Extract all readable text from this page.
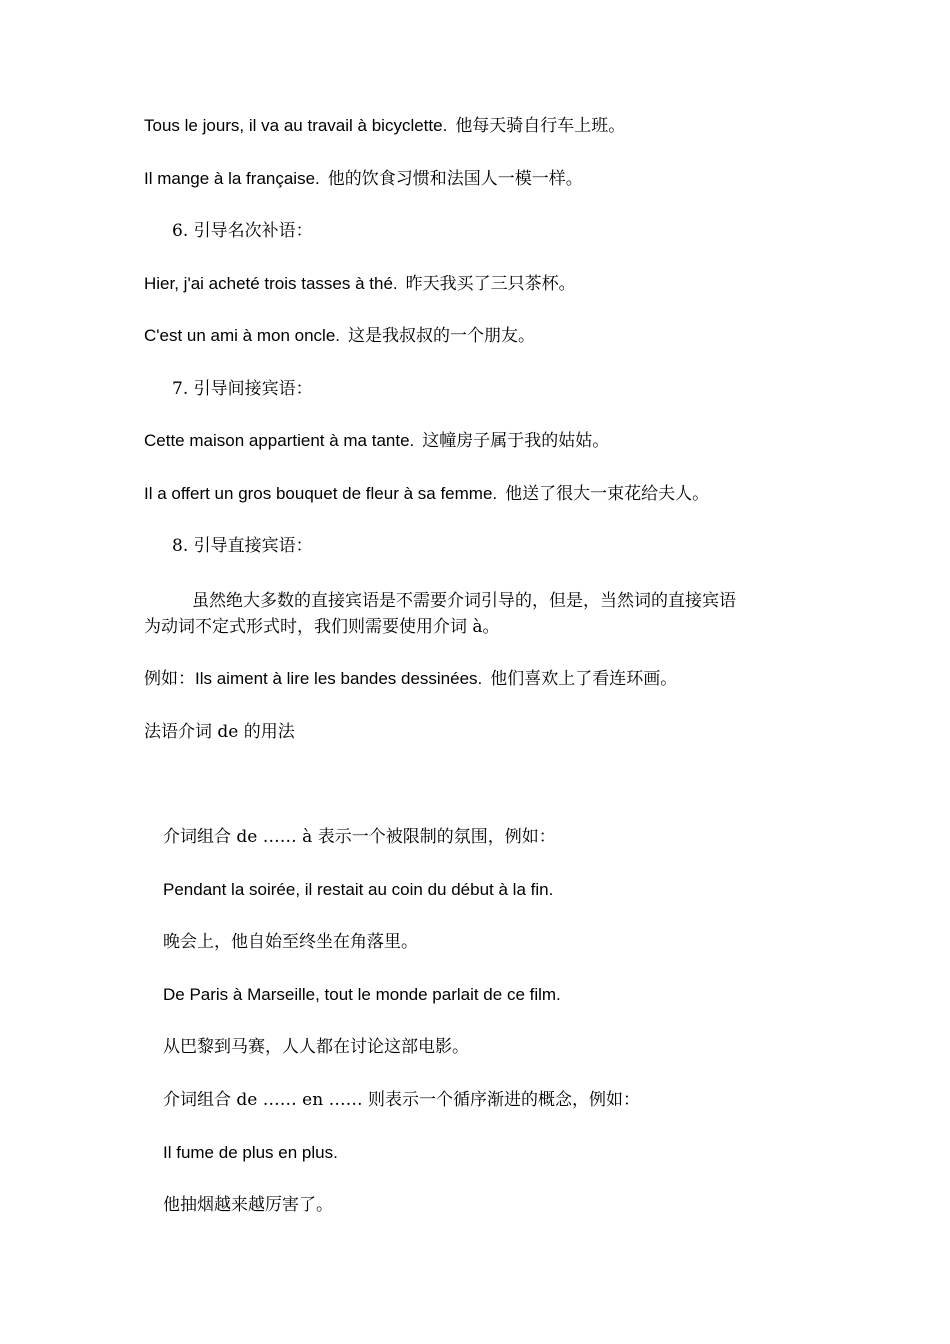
Tous le jours, il va au travail à bicyclette. 他每天骑自行车上班。
Il mange à la française. 他的饮食习惯和法国人一模一样。
6. 引导名次补语：
Hier, j'ai acheté trois tasses à thé. 昨天我买了三只茶杯。
C'est un ami à mon oncle. 这是我叔叔的一个朋友。
7. 引导间接宾语：
Cette maison appartient à ma tante. 这幢房子属于我的姑姑。
Il a offert un gros bouquet de fleur à sa femme. 他送了很大一束花给夫人。
8. 引导直接宾语：
虽然绝大多数的直接宾语是不需要介词引导的，但是，当然词的直接宾语
为动词不定式形式时，我们则需要使用介词 à。
例如：Ils aiment à lire les bandes dessinées. 他们喜欢上了看连环画。
法语介词 de 的用法
介词组合 de …… à 表示一个被限制的氛围，例如：
Pendant la soirée, il restait au coin du début à la fin.
晚会上，他自始至终坐在角落里。
De Paris à Marseille, tout le monde parlait de ce film.
从巴黎到马赛，人人都在讨论这部电影。
介词组合 de …… en …… 则表示一个循序渐进的概念，例如：
Il fume de plus en plus.
他抽烟越来越厉害了。
